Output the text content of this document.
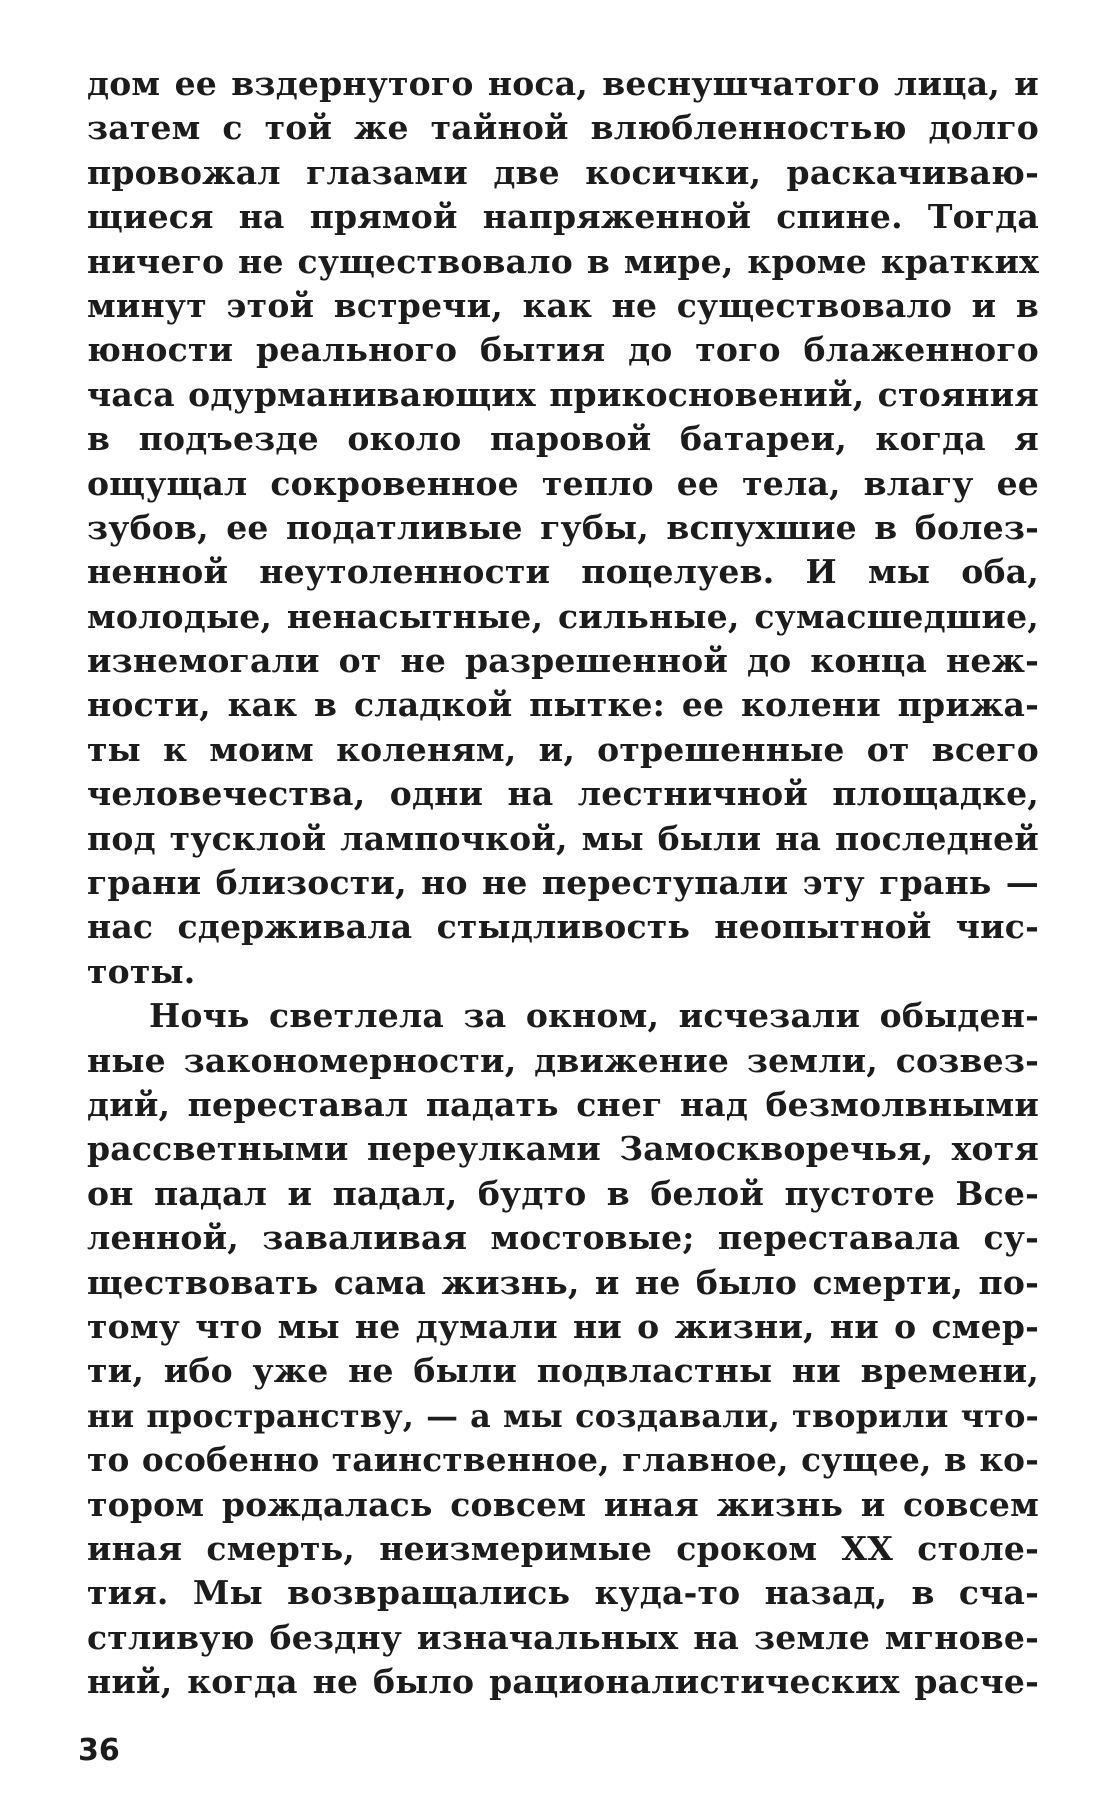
дом ее вздернутого носа, веснушчатого лица, и
затем с той же тайной влюбленностью долго
провожал глазами две косички, раскачиваю-
щиеся на прямой напряженной спине. Тогда
ничего не существовало в мире, кроме кратких
минут этой встречи, как не существовало и в
юности реального бытия до того блаженного
часа одурманивающих прикосновений, стояния
в подъезде около паровой батареи, когда я
ощущал сокровенное тепло ее тела, влагу ее
зубов, ее податливые губы, вспухшие в болез-
ненной неутоленности поцелуев. И мы оба,
молодые, ненасытные, сильные, сумасшедшие,
изнемогали от не разрешенной до конца неж-
ности, как в сладкой пытке: ее колени прижа-
ты к моим коленям, и, отрешенные от всего
человечества, одни на лестничной площадке,
под тусклой лампочкой, мы были на последней
грани близости, но не переступали эту грань —
нас сдерживала стыдливость неопытной чис-
тоты.
Ночь светлела за окном, исчезали обыден-
ные закономерности, движение земли, созвез-
дий, переставал падать снег над безмолвными
рассветными переулками Замоскворечья, хотя
он падал и падал, будто в белой пустоте Все-
ленной, заваливая мостовые; переставала су-
ществовать сама жизнь, и не было смерти, по-
тому что мы не думали ни о жизни, ни о смер-
ти, ибо уже не были подвластны ни времени,
ни пространству, — а мы создавали, творили что-
то особенно таинственное, главное, сущее, в ко-
тором рождалась совсем иная жизнь и совсем
иная смерть, неизмеримые сроком XX столе-
тия. Мы возвращались куда-то назад, в сча-
стливую бездну изначальных на земле мгнове-
ний, когда не было рационалистических расче-
36
